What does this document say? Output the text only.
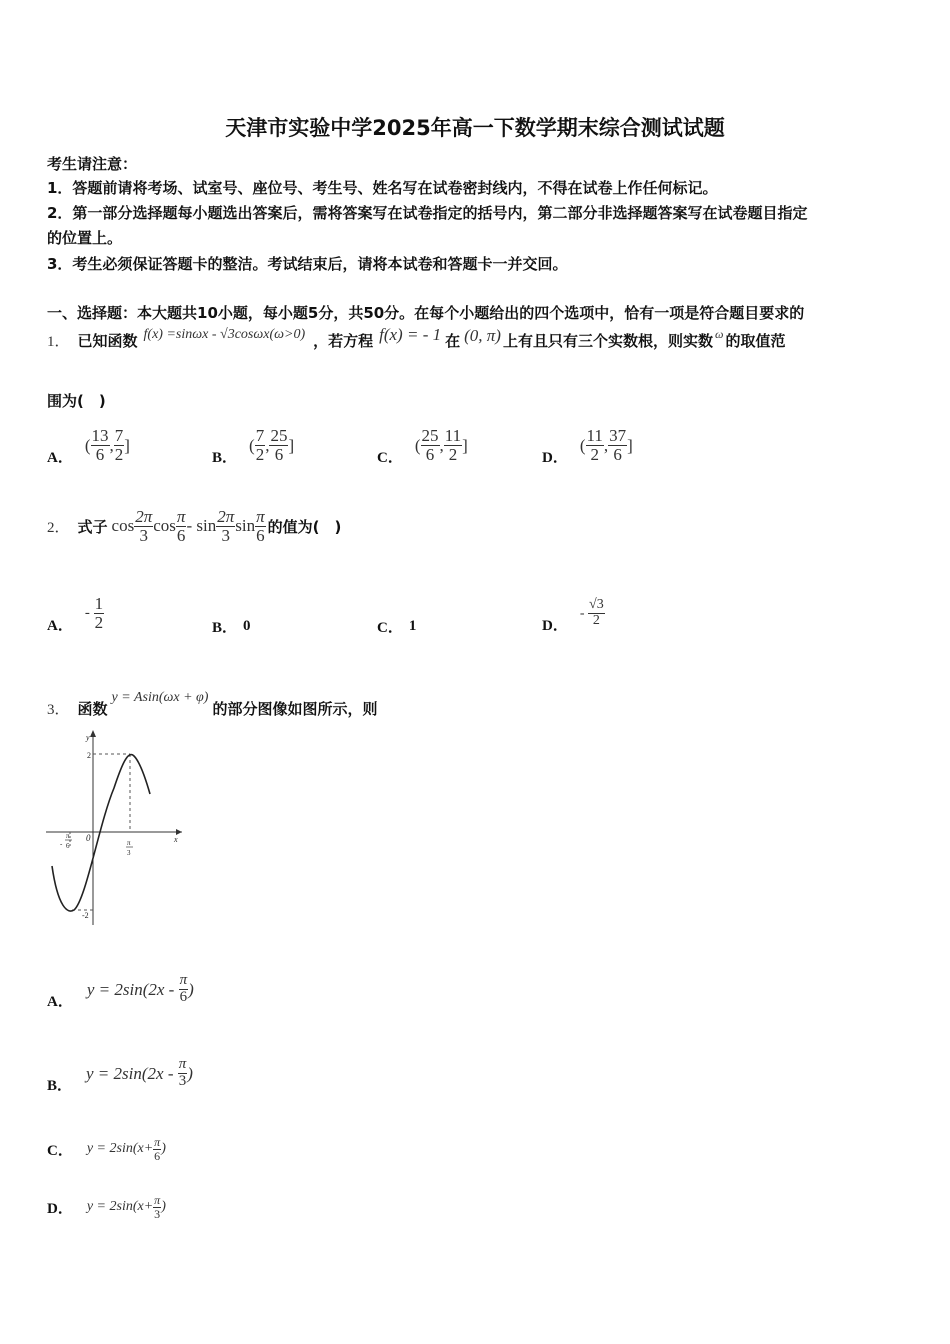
天津市实验中学2025年高一下数学期末综合测试试题
考生请注意：
1．答题前请将考场、试室号、座位号、考生号、姓名写在试卷密封线内，不得在试卷上作任何标记。
2．第一部分选择题每小题选出答案后，需将答案写在试卷指定的括号内，第二部分非选择题答案写在试卷题目指定
的位置上。
3．考生必须保证答题卡的整洁。考试结束后，请将本试卷和答题卡一并交回。
一、选择题：本大题共10小题，每小题5分，共50分。在每个小题给出的四个选项中，恰有一项是符合题目要求的
1． 已知函数 f(x) =sinωx - √3cosωx(ω>0) ，若方程 f(x) = - 1 在 (0, π) 上有且只有三个实数根，则实数 ω 的取值范
围为(　)
A．
( $\frac{13}{6}$ , $\frac{7}{2}$ ]
B．
( $\frac{7}{2}$ , $\frac{25}{6}$ ]
C．
( $\frac{25}{6}$ , $\frac{11}{2}$ ]
D．
( $\frac{11}{2}$ , $\frac{37}{6}$ ]
2． 式子 $\cos \frac{2\pi}{3}$ $\cos \frac{\pi}{6}$ - $\sin \frac{2\pi}{3}$ $\sin \frac{\pi}{6}$ 的值为(　)
A．
- $\frac{1}{2}$	B． 0	C． 1	D．
- $\frac{√3}{2}$
3． 函数
y = Asin(ωx + φ)
的部分图像如图所示，则
2
-2
0	x
y
-
π
6	π
3
A．
$y = 2\sin(2x - \frac{\pi}{6}$ )
B．
$y = 2\sin(2x - \frac{\pi}{3}$ )
C． $y = 2\sin(x+ \frac{\pi}{6}$ )
D． $y = 2\sin(x+ \frac{\pi}{3}$ )
